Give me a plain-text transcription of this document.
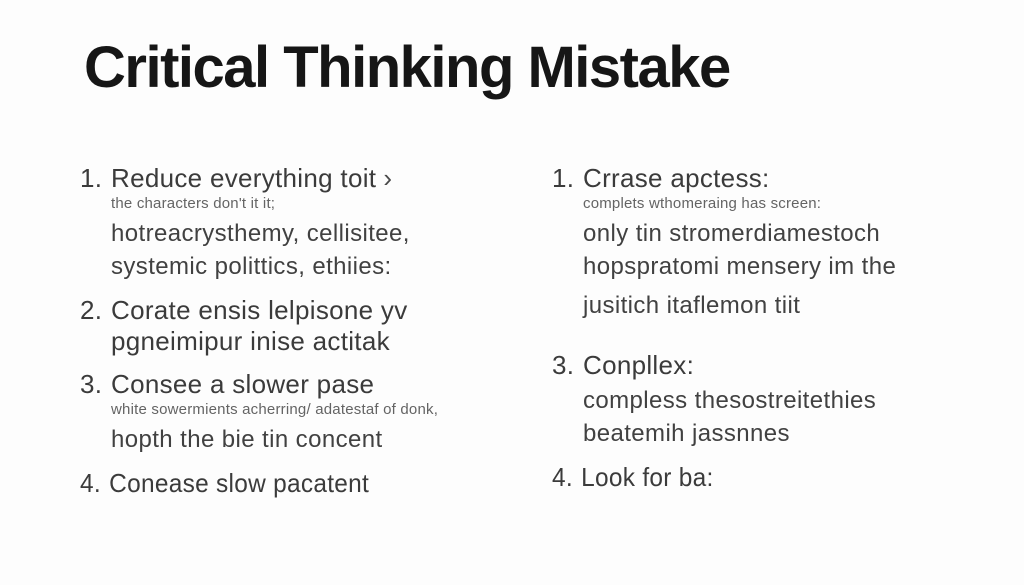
Critical Thinking Mistake
1. Reduce everything toit ›
the characters don't it it;
hotreacrysthemy, cellisitee,
systemic polittics, ethiies:
2. Corate ensis lelpisone yv
pgneimipur inise actitak
3. Consee a slower pase
white sowermients acherring/ adatestaf of donk,
hopth the bie tin concent
4. Conease slow pacatent
1. Crrase apctess:
complets wthomeraing has screen:
only tin stromerdiamestoch
hopspratomi mensery im the
jusitich itaflemon tiit
3. Conpllex:
compless thesostreitethies
beatemih jassnnes
4. Look for ba:
